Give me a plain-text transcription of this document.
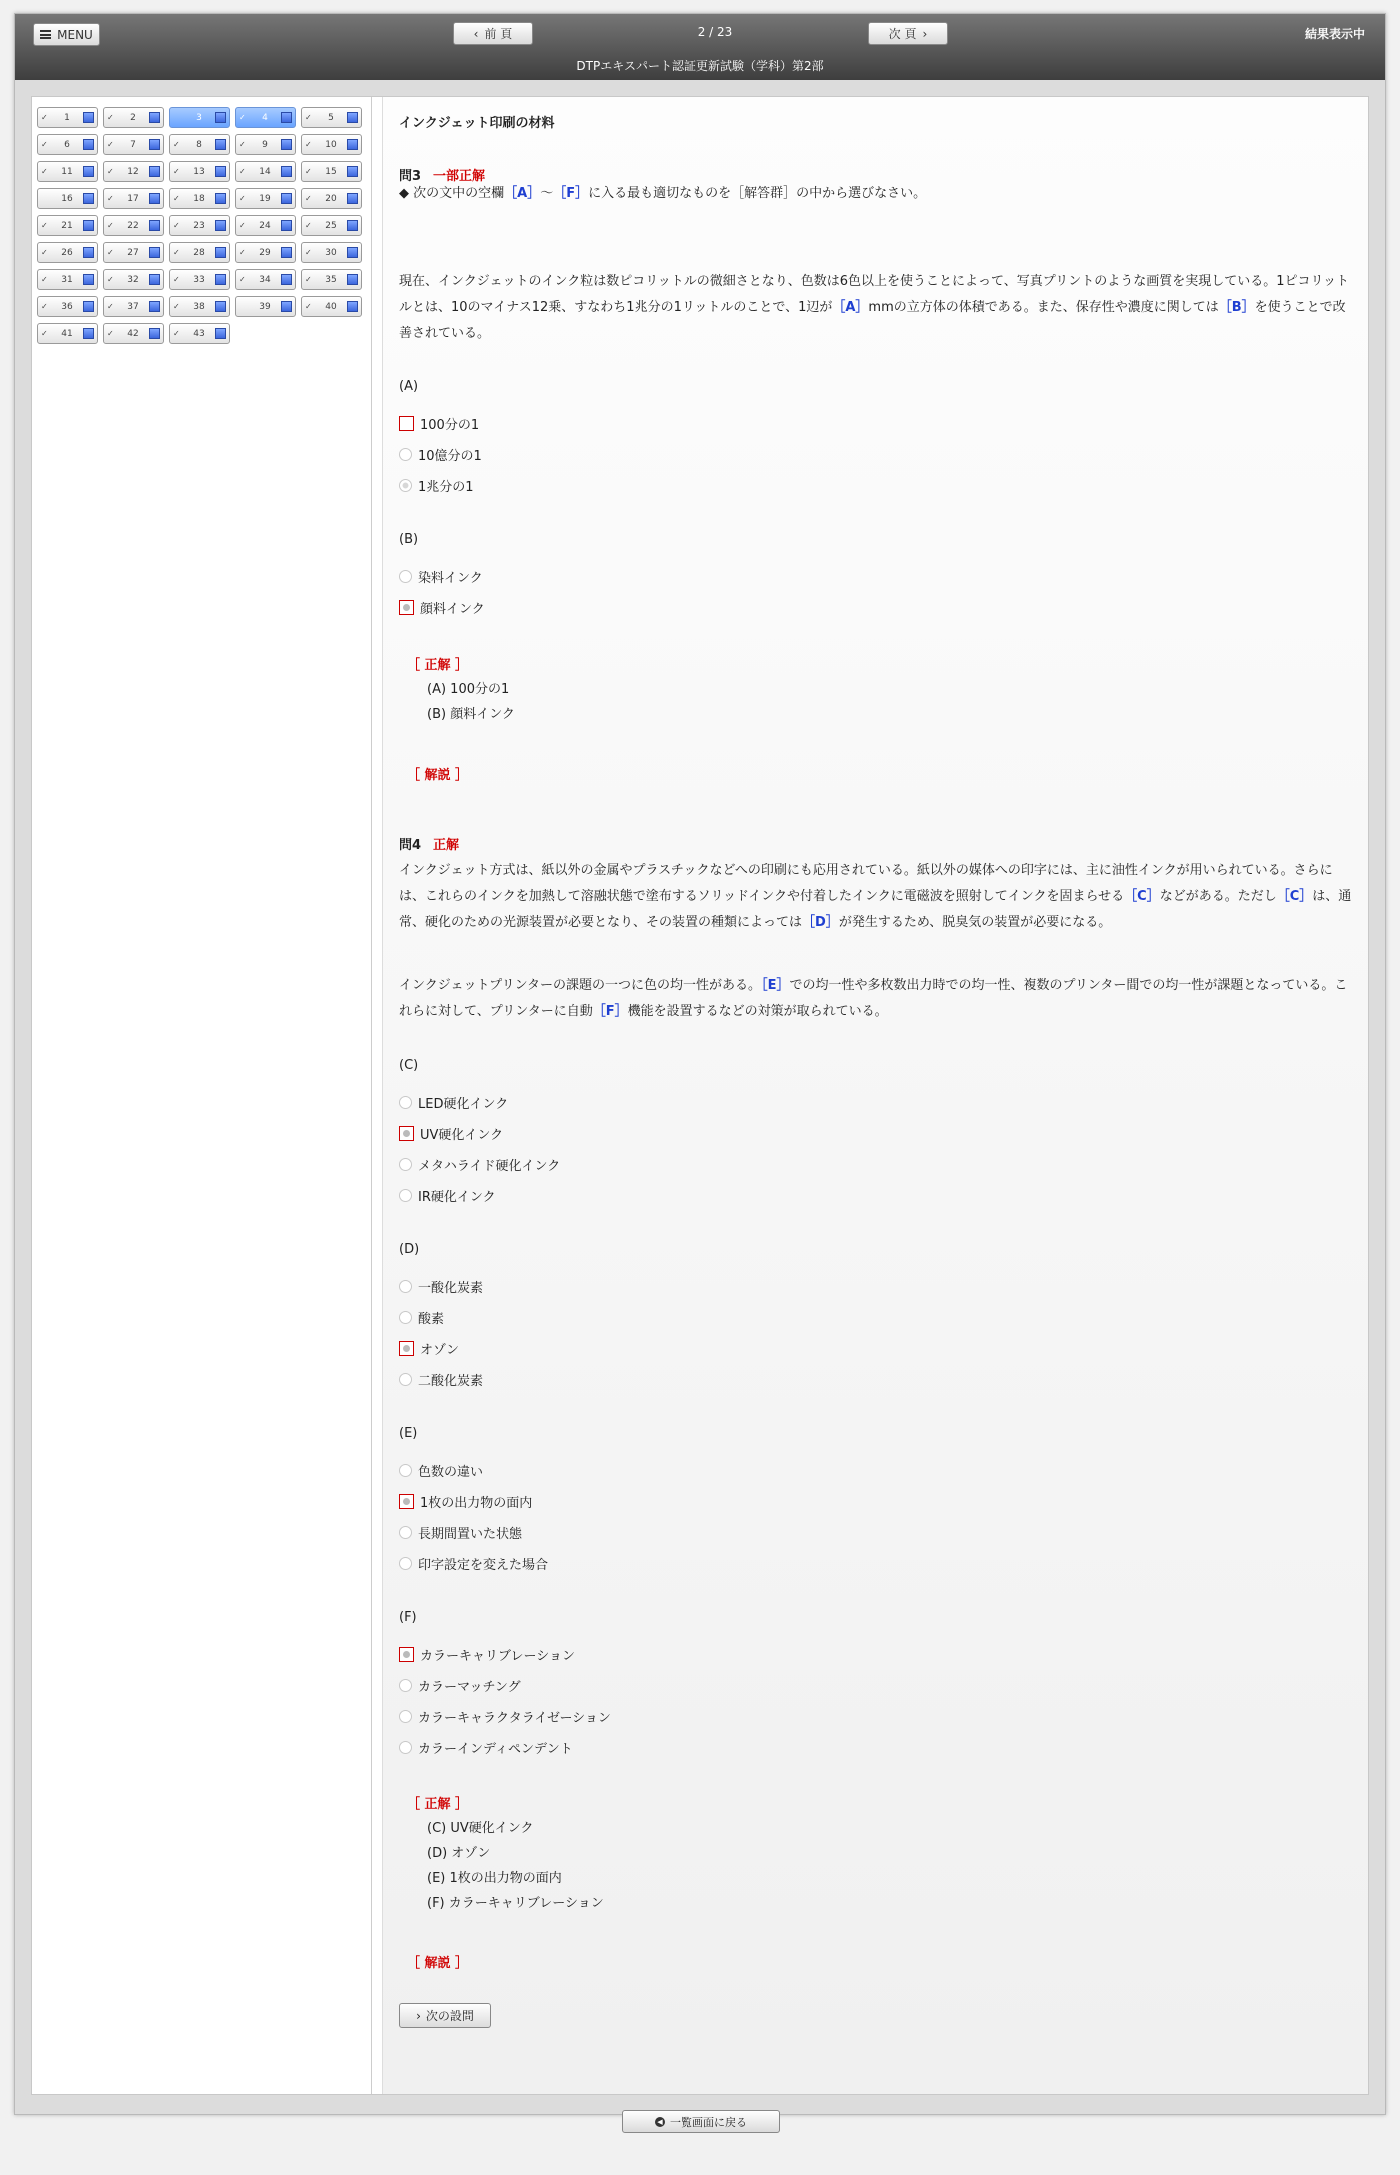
MENU	‹ 前 頁	2 / 23	次 頁 ›	結果表示中
DTPエキスパート認証更新試験（学科）第2部
✓	1	✓	2	3	✓	4	✓	5
✓	6	✓	7	✓	8	✓	9	✓	10
✓	11	✓	12	✓	13	✓	14	✓	15
16	✓	17	✓	18	✓	19	✓	20
✓	21	✓	22	✓	23	✓	24	✓	25
✓	26	✓	27	✓	28	✓	29	✓	30
✓	31	✓	32	✓	33	✓	34	✓	35
✓	36	✓	37	✓	38	39	✓	40
✓	41	✓	42	✓	43
インクジェット印刷の材料
問3 一部正解
◆ 次の文中の空欄［A］～［F］に入る最も適切なものを［解答群］の中から選びなさい。
現在、インクジェットのインク粒は数ピコリットルの微細さとなり、色数は6色以上を使うことによって、写真プリントのような画質を実現している。1ピコリットルとは、10のマイナス12乗、すなわち1兆分の1リットルのことで、1辺が［A］mmの立方体の体積である。また、保存性や濃度に関しては［B］を使うことで改善されている。
(A)
100分の1
10億分の1
1兆分の1
(B)
染料インク
顔料インク
［ 正解 ］
(A) 100分の1
(B) 顔料インク
［ 解説 ］
問4 正解
インクジェット方式は、紙以外の金属やプラスチックなどへの印刷にも応用されている。紙以外の媒体への印字には、主に油性インクが用いられている。さらには、これらのインクを加熱して溶融状態で塗布するソリッドインクや付着したインクに電磁波を照射してインクを固まらせる［C］などがある。ただし［C］は、通常、硬化のための光源装置が必要となり、その装置の種類によっては［D］が発生するため、脱臭気の装置が必要になる。
インクジェットプリンターの課題の一つに色の均一性がある。［E］での均一性や多枚数出力時での均一性、複数のプリンター間での均一性が課題となっている。これらに対して、プリンターに自動［F］機能を設置するなどの対策が取られている。
(C)
LED硬化インク
UV硬化インク
メタハライド硬化インク
IR硬化インク
(D)
一酸化炭素
酸素
オゾン
二酸化炭素
(E)
色数の違い
1枚の出力物の面内
長期間置いた状態
印字設定を変えた場合
(F)
カラーキャリブレーション
カラーマッチング
カラーキャラクタライゼーション
カラーインディペンデント
［ 正解 ］
(C) UV硬化インク
(D) オゾン
(E) 1枚の出力物の面内
(F) カラーキャリブレーション
［ 解説 ］
› 次の設問
◀ 一覧画面に戻る
